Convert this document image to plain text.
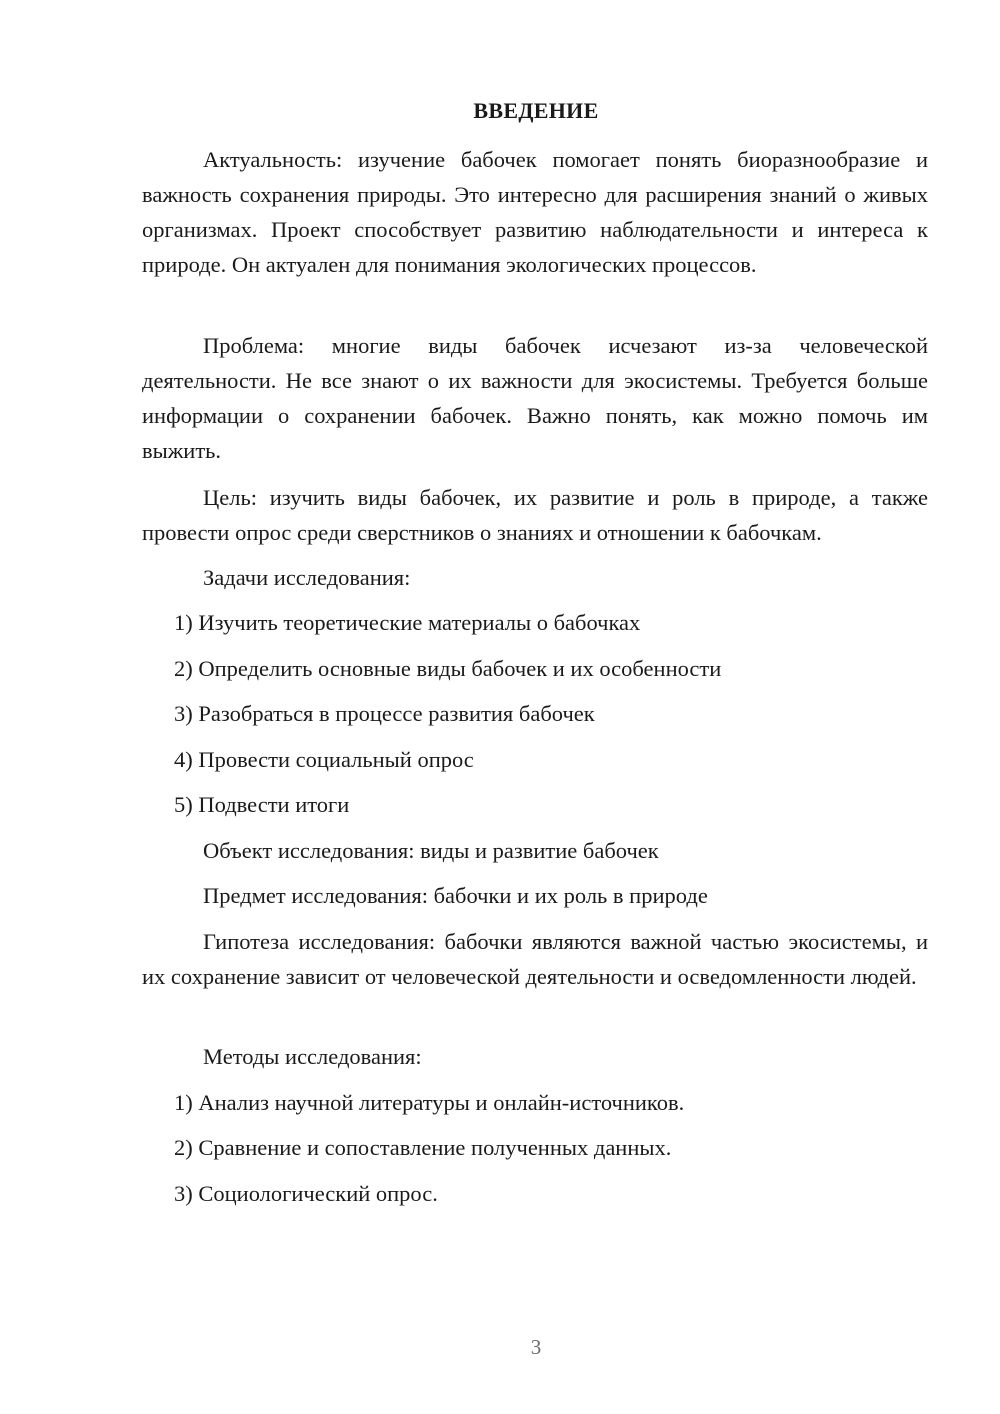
ВВЕДЕНИЕ

Актуальность: изучение бабочек помогает понять биоразнообразие и важность сохранения природы. Это интересно для расширения знаний о живых организмах. Проект способствует развитию наблюдательности и интереса к природе. Он актуален для понимания экологических процессов.

Проблема: многие виды бабочек исчезают из-за человеческой деятельности. Не все знают о их важности для экосистемы. Требуется больше информации о сохранении бабочек. Важно понять, как можно помочь им выжить.

Цель: изучить виды бабочек, их развитие и роль в природе, а также провести опрос среди сверстников о знаниях и отношении к бабочкам.

Задачи исследования:
1) Изучить теоретические материалы о бабочках
2) Определить основные виды бабочек и их особенности
3) Разобраться в процессе развития бабочек
4) Провести социальный опрос
5) Подвести итоги
Объект исследования: виды и развитие бабочек
Предмет исследования: бабочки и их роль в природе

Гипотеза исследования: бабочки являются важной частью экосистемы, и их сохранение зависит от человеческой деятельности и осведомленности людей.

Методы исследования:
1) Анализ научной литературы и онлайн-источников.
2) Сравнение и сопоставление полученных данных.
3) Социологический опрос.
3
